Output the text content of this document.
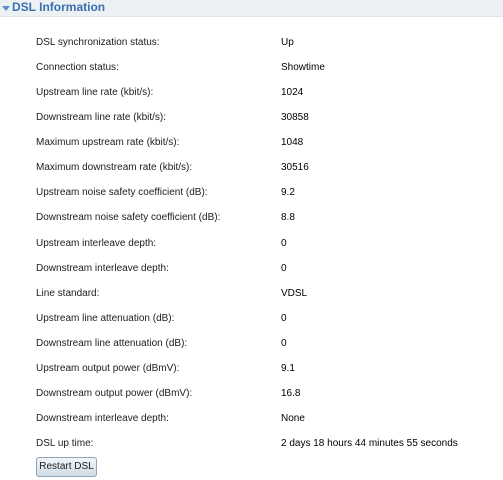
DSL Information
DSL synchronization status:	Up
Connection status:	Showtime
Upstream line rate (kbit/s):	1024
Downstream line rate (kbit/s):	30858
Maximum upstream rate (kbit/s):	1048
Maximum downstream rate (kbit/s):	30516
Upstream noise safety coefficient (dB):	9.2
Downstream noise safety coefficient (dB):	8.8
Upstream interleave depth:	0
Downstream interleave depth:	0
Line standard:	VDSL
Upstream line attenuation (dB):	0
Downstream line attenuation (dB):	0
Upstream output power (dBmV):	9.1
Downstream output power (dBmV):	16.8
Downstream interleave depth:	None
DSL up time:	2 days 18 hours 44 minutes 55 seconds
Restart DSL
